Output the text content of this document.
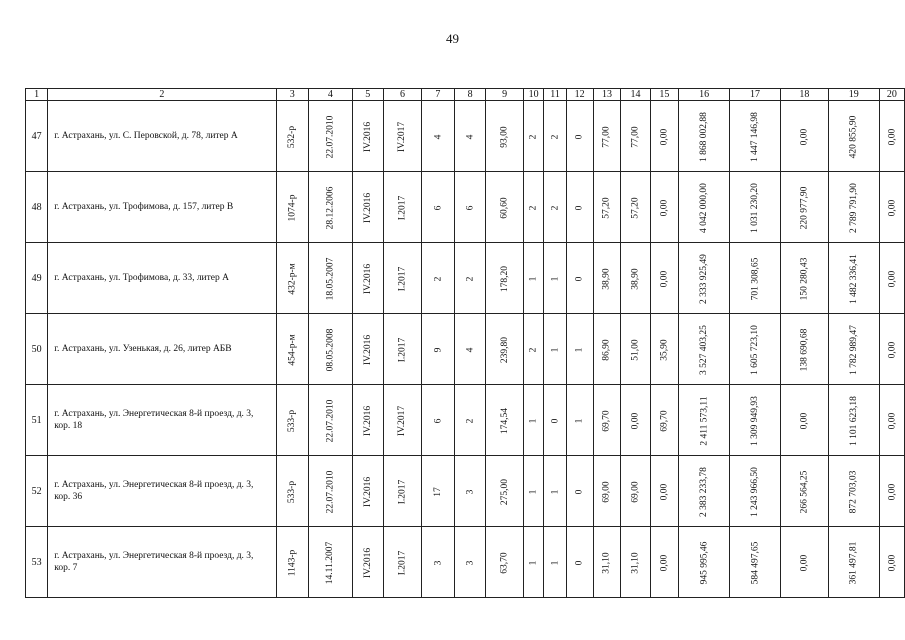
49
1	2	3	4	5	6	7	8	9	10	11	12	13	14	15	16	17	18	19	20
47	г. Астрахань, ул. С. Перовской, д. 78, литер А	532-р	22.07.2010	IV.2016	IV.2017	4	4	93,00	2	2	0	77,00	77,00	0,00	1 868 002,88	1 447 146,98	0,00	420 855,90	0,00
48	г. Астрахань, ул. Трофимова, д. 157, литер В	1074-р	28.12.2006	IV.2016	I.2017	6	6	60,60	2	2	0	57,20	57,20	0,00	4 042 000,00	1 031 230,20	220 977,90	2 789 791,90	0,00
49	г. Астрахань, ул. Трофимова, д. 33, литер А	432-р-м	18.05.2007	IV.2016	I.2017	2	2	178,20	1	1	0	38,90	38,90	0,00	2 333 925,49	701 308,65	150 280,43	1 482 336,41	0,00
50	г. Астрахань, ул. Узенькая, д. 26, литер АБВ	454-р-м	08.05.2008	IV.2016	I.2017	9	4	239,80	2	1	1	86,90	51,00	35,90	3 527 403,25	1 605 723,10	138 690,68	1 782 989,47	0,00
51	г. Астрахань, ул. Энергетическая 8-й проезд, д. 3, кор. 18	533-р	22.07.2010	IV.2016	IV.2017	6	2	174,54	1	0	1	69,70	0,00	69,70	2 411 573,11	1 309 949,93	0,00	1 101 623,18	0,00
52	г. Астрахань, ул. Энергетическая 8-й проезд, д. 3, кор. 36	533-р	22.07.2010	IV.2016	I.2017	17	3	275,00	1	1	0	69,00	69,00	0,00	2 383 233,78	1 243 966,50	266 564,25	872 703,03	0,00
53	г. Астрахань, ул. Энергетическая 8-й проезд, д. 3, кор. 7	1143-р	14.11.2007	IV.2016	I.2017	3	3	63,70	1	1	0	31,10	31,10	0,00	945 995,46	584 497,65	0,00	361 497,81	0,00
